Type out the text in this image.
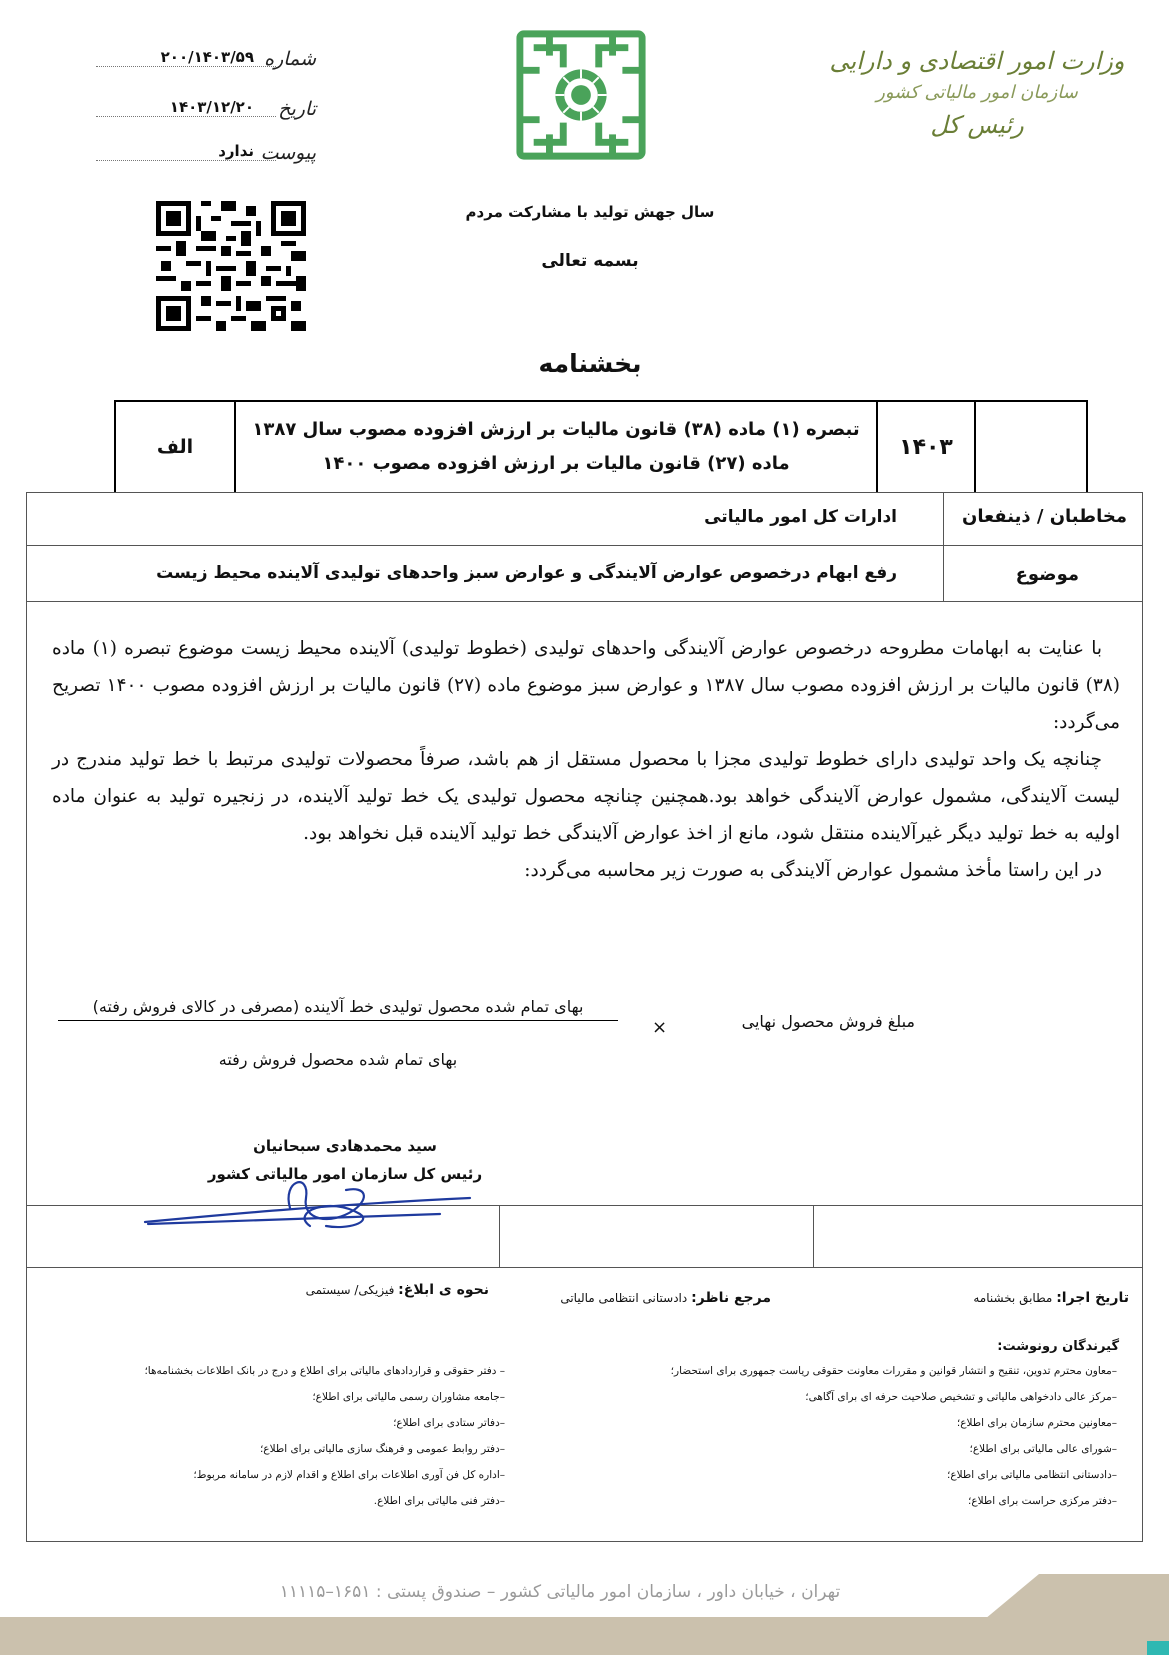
وزارت امور اقتصادی و دارایی
سازمان امور مالیاتی کشور
رئیس کل
شماره
۲۰۰/۱۴۰۳/۵۹
تاریخ
۱۴۰۳/۱۲/۲۰
پیوست
ندارد
سال جهش تولید با مشارکت مردم
بسمه تعالی
بخشنامه
۱۴۰۳
تبصره (۱) ماده (۳۸) قانون مالیات بر ارزش افزوده مصوب سال ۱۳۸۷
ماده (۲۷) قانون مالیات بر ارزش افزوده مصوب ۱۴۰۰
الف
مخاطبان / ذینفعان
ادارات کل امور مالیاتی
موضوع
رفع ابهام درخصوص عوارض آلایندگی و عوارض سبز واحدهای تولیدی آلاینده محیط زیست

با عنایت به ابهامات مطروحه درخصوص عوارض آلایندگی واحدهای تولیدی (خطوط تولیدی) آلاینده محیط زیست موضوع تبصره (۱) ماده (۳۸) قانون مالیات بر ارزش افزوده مصوب سال ۱۳۸۷ و عوارض سبز موضوع ماده (۲۷) قانون مالیات بر ارزش افزوده مصوب ۱۴۰۰ تصریح می‌گردد:

چنانچه یک واحد تولیدی دارای خطوط تولیدی مجزا با محصول مستقل از هم باشد، صرفاً محصولات تولیدی مرتبط با خط تولید مندرج در لیست آلایندگی، مشمول عوارض آلایندگی خواهد بود.همچنین چنانچه محصول تولیدی یک خط تولید آلاینده، در زنجیره تولید به عنوان ماده اولیه به خط تولید دیگر غیرآلاینده منتقل شود، مانع از اخذ عوارض آلایندگی خط تولید آلاینده قبل نخواهد بود.

در این راستا مأخذ مشمول عوارض آلایندگی به صورت زیر محاسبه می‌گردد:

بهای تمام شده محصول تولیدی خط آلاینده (مصرفی در کالای فروش رفته)
بهای تمام شده محصول فروش رفته
×	مبلغ فروش محصول نهایی
سید محمدهادی سبحانیان
رئیس کل سازمان امور مالیاتی کشور
تاریخ اجرا: مطابق بخشنامه
مرجع ناظر: دادستانی انتظامی مالیاتی
نحوه ی ابلاغ: فیزیکی/ سیستمی
گیرندگان رونوشت:
–معاون محترم تدوین، تنقیح و انتشار قوانین و مقررات معاونت حقوقی ریاست جمهوری برای استحضار؛
–مرکز عالی دادخواهی مالیاتی و تشخیص صلاحیت حرفه ای برای آگاهی؛
–معاونین محترم سازمان برای اطلاع؛
–شورای عالی مالیاتی برای اطلاع؛
–دادستانی انتظامی مالیاتی برای اطلاع؛
–دفتر مرکزی حراست برای اطلاع؛
– دفتر حقوقی و قراردادهای مالیاتی برای اطلاع و درج در بانک اطلاعات بخشنامه‌ها؛
–جامعه مشاوران رسمی مالیاتی برای اطلاع؛
–دفاتر ستادی برای اطلاع؛
–دفتر روابط عمومی و فرهنگ سازی مالیاتی برای اطلاع؛
–اداره کل فن آوری اطلاعات برای اطلاع و اقدام لازم در سامانه مربوط؛
–دفتر فنی مالیاتی برای اطلاع.
تهران ، خیابان داور ، سازمان امور مالیاتی کشور – صندوق پستی : ۱۶۵۱–۱۱۱۱۵
